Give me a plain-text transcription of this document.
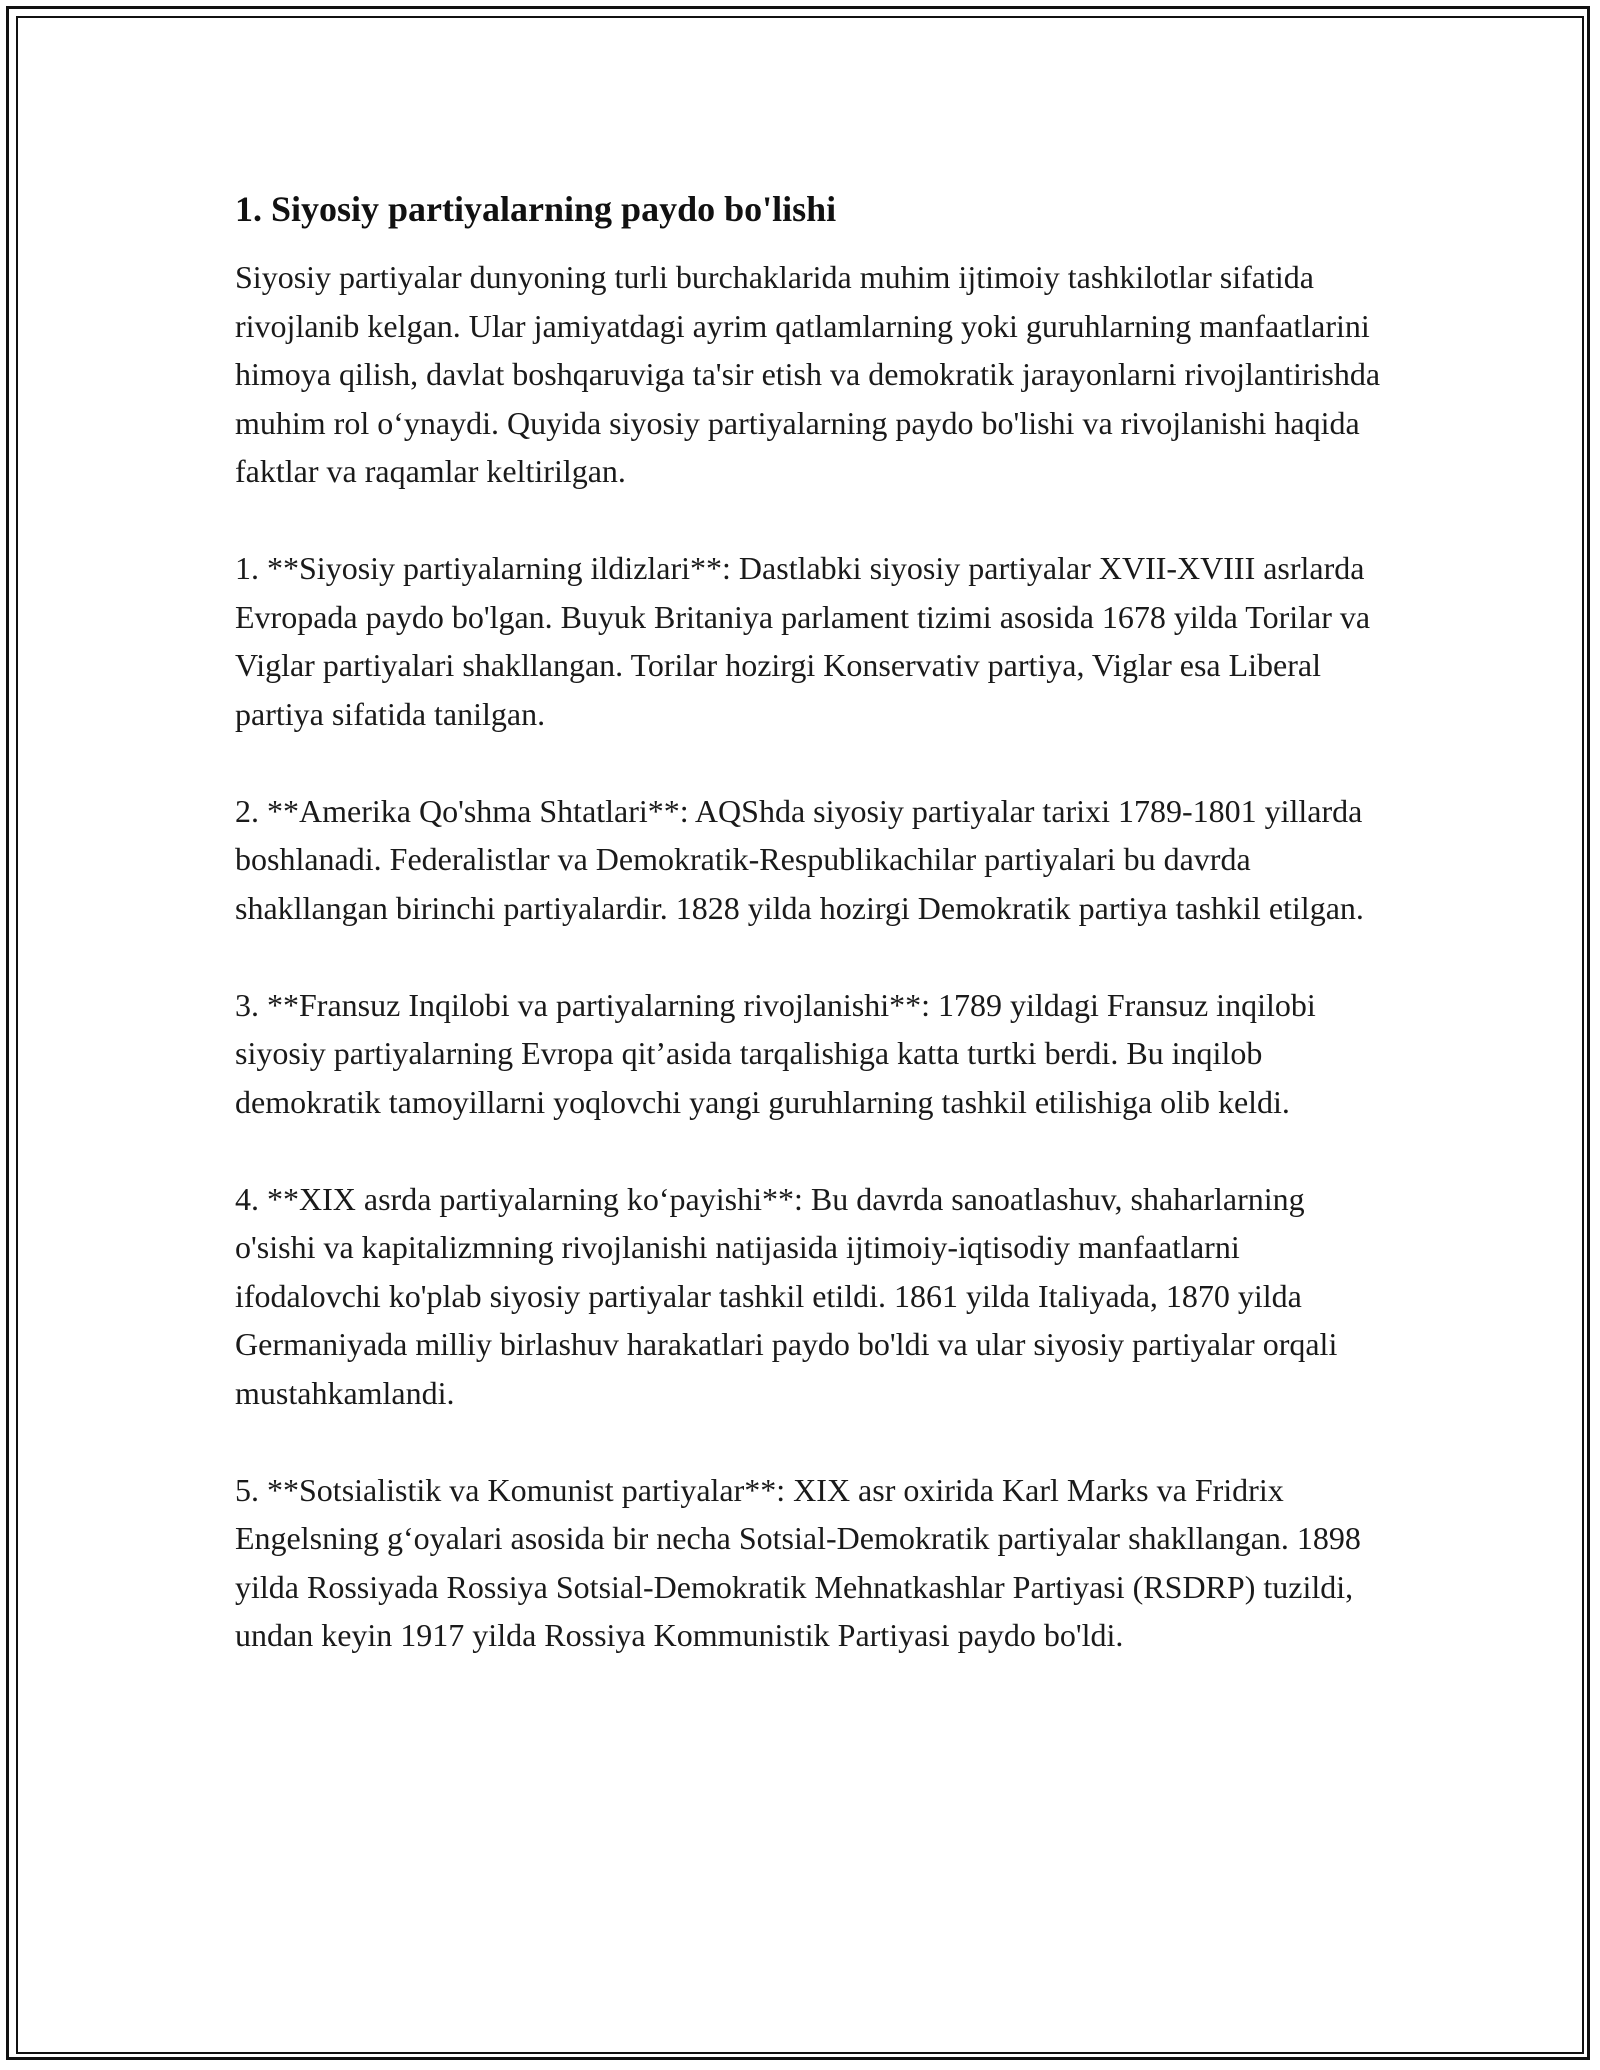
1. Siyosiy partiyalarning paydo bo'lishi

Siyosiy partiyalar dunyoning turli burchaklarida muhim ijtimoiy tashkilotlar sifatida rivojlanib kelgan. Ular jamiyatdagi ayrim qatlamlarning yoki guruhlarning manfaatlarini himoya qilish, davlat boshqaruviga ta'sir etish va demokratik jarayonlarni rivojlantirishda muhim rol o‘ynaydi. Quyida siyosiy partiyalarning paydo bo'lishi va rivojlanishi haqida faktlar va raqamlar keltirilgan.

1. **Siyosiy partiyalarning ildizlari**: Dastlabki siyosiy partiyalar XVII-XVIII asrlarda Evropada paydo bo'lgan. Buyuk Britaniya parlament tizimi asosida 1678 yilda Torilar va Viglar partiyalari shakllangan. Torilar hozirgi Konservativ partiya, Viglar esa Liberal partiya sifatida tanilgan.

2. **Amerika Qo'shma Shtatlari**: AQShda siyosiy partiyalar tarixi 1789-1801 yillarda boshlanadi. Federalistlar va Demokratik-Respublikachilar partiyalari bu davrda shakllangan birinchi partiyalardir. 1828 yilda hozirgi Demokratik partiya tashkil etilgan.

3. **Fransuz Inqilobi va partiyalarning rivojlanishi**: 1789 yildagi Fransuz inqilobi siyosiy partiyalarning Evropa qit’asida tarqalishiga katta turtki berdi. Bu inqilob demokratik tamoyillarni yoqlovchi yangi guruhlarning tashkil etilishiga olib keldi.

4. **XIX asrda partiyalarning ko‘payishi**: Bu davrda sanoatlashuv, shaharlarning o'sishi va kapitalizmning rivojlanishi natijasida ijtimoiy-iqtisodiy manfaatlarni ifodalovchi ko'plab siyosiy partiyalar tashkil etildi. 1861 yilda Italiyada, 1870 yilda Germaniyada milliy birlashuv harakatlari paydo bo'ldi va ular siyosiy partiyalar orqali mustahkamlandi.

5. **Sotsialistik va Komunist partiyalar**: XIX asr oxirida Karl Marks va Fridrix Engelsning g‘oyalari asosida bir necha Sotsial-Demokratik partiyalar shakllangan. 1898 yilda Rossiyada Rossiya Sotsial-Demokratik Mehnatkashlar Partiyasi (RSDRP) tuzildi, undan keyin 1917 yilda Rossiya Kommunistik Partiyasi paydo bo'ldi.
